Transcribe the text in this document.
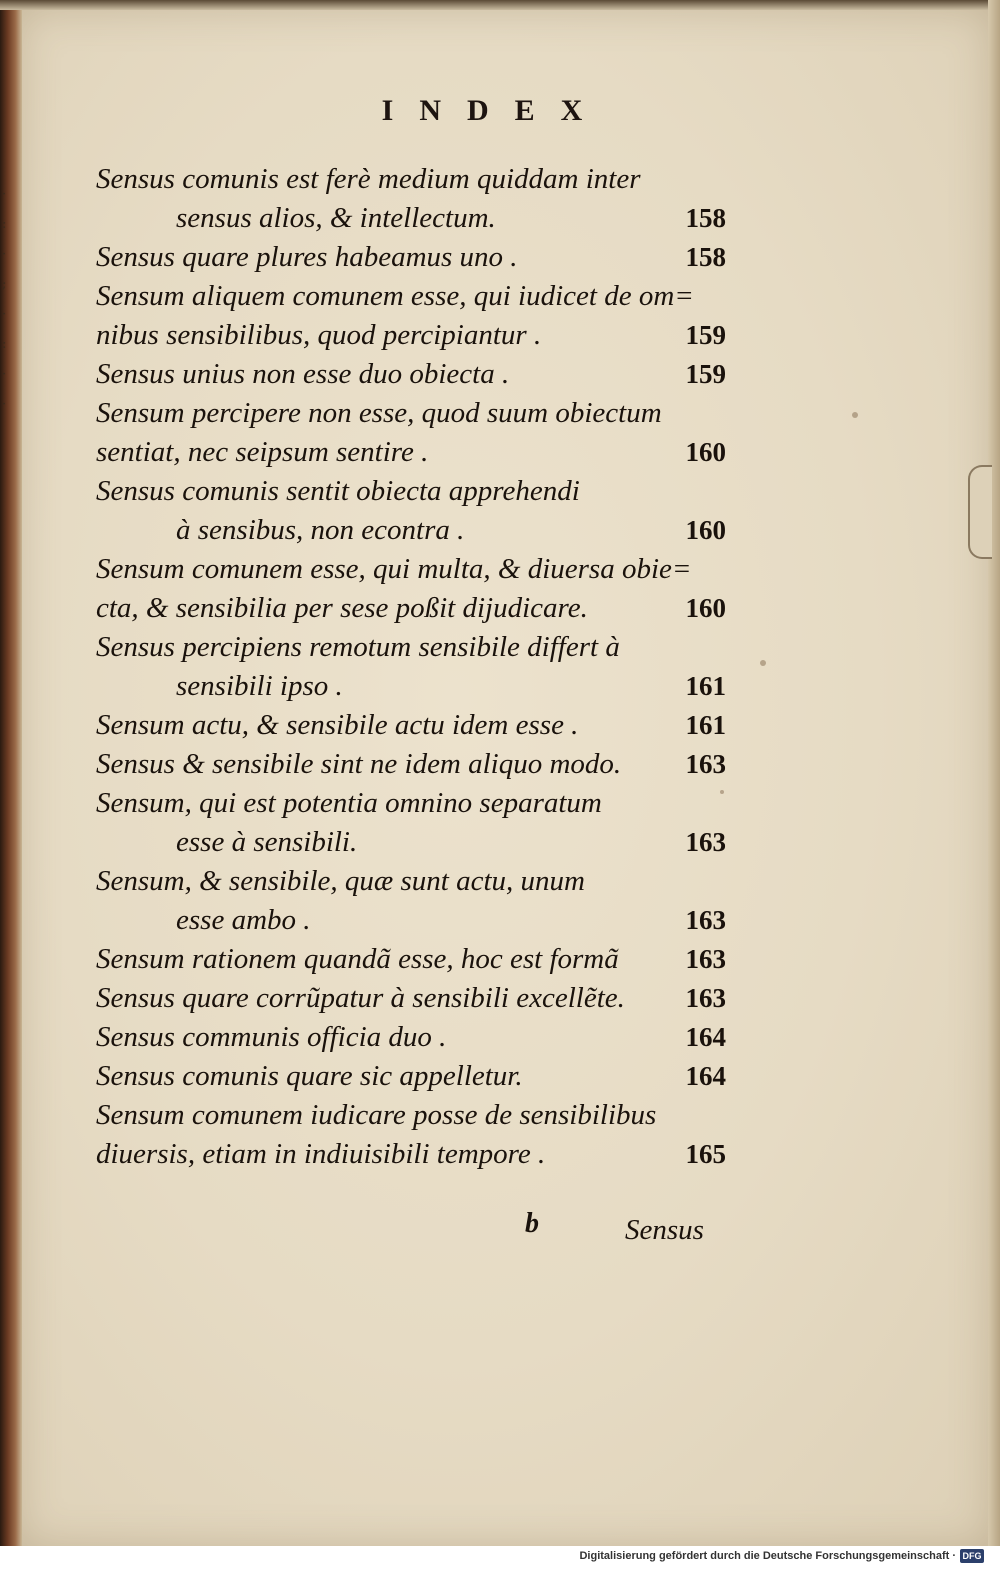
·
:
·
;
·
:
·
·
INDEX
Sensus comunis est ferè medium quiddam inter
sensus alios, & intellectum.	158
Sensus quare plures habeamus uno .	158
Sensum aliquem comunem esse, qui iudicet de om=
nibus sensibilibus, quod percipiantur .	159
Sensus unius non esse duo obiecta .	159
Sensum percipere non esse, quod suum obiectum
sentiat, nec seipsum sentire .	160
Sensus comunis sentit obiecta apprehendi
à sensibus, non econtra .	160
Sensum comunem esse, qui multa, & diuersa obie=
cta, & sensibilia per sese poßit dijudicare.	160
Sensus percipiens remotum sensibile differt à
sensibili ipso .	161
Sensum actu, & sensibile actu idem esse .	161
Sensus & sensibile sint ne idem aliquo modo. 163
Sensum, qui est potentia omnino separatum
esse à sensibili.	163
Sensum, & sensibile, quæ sunt actu, unum
esse ambo .	163
Sensum rationem quandã esse, hoc est formã 163
Sensus quare corrũpatur à sensibili excellẽte. 163
Sensus communis officia duo .	164
Sensus comunis quare sic appelletur.	164
Sensum comunem iudicare posse de sensibilibus
diuersis, etiam in indiuisibili tempore .	165
b	Sensus
Digitalisierung gefördert durch die Deutsche Forschungsgemeinschaft · DFG
